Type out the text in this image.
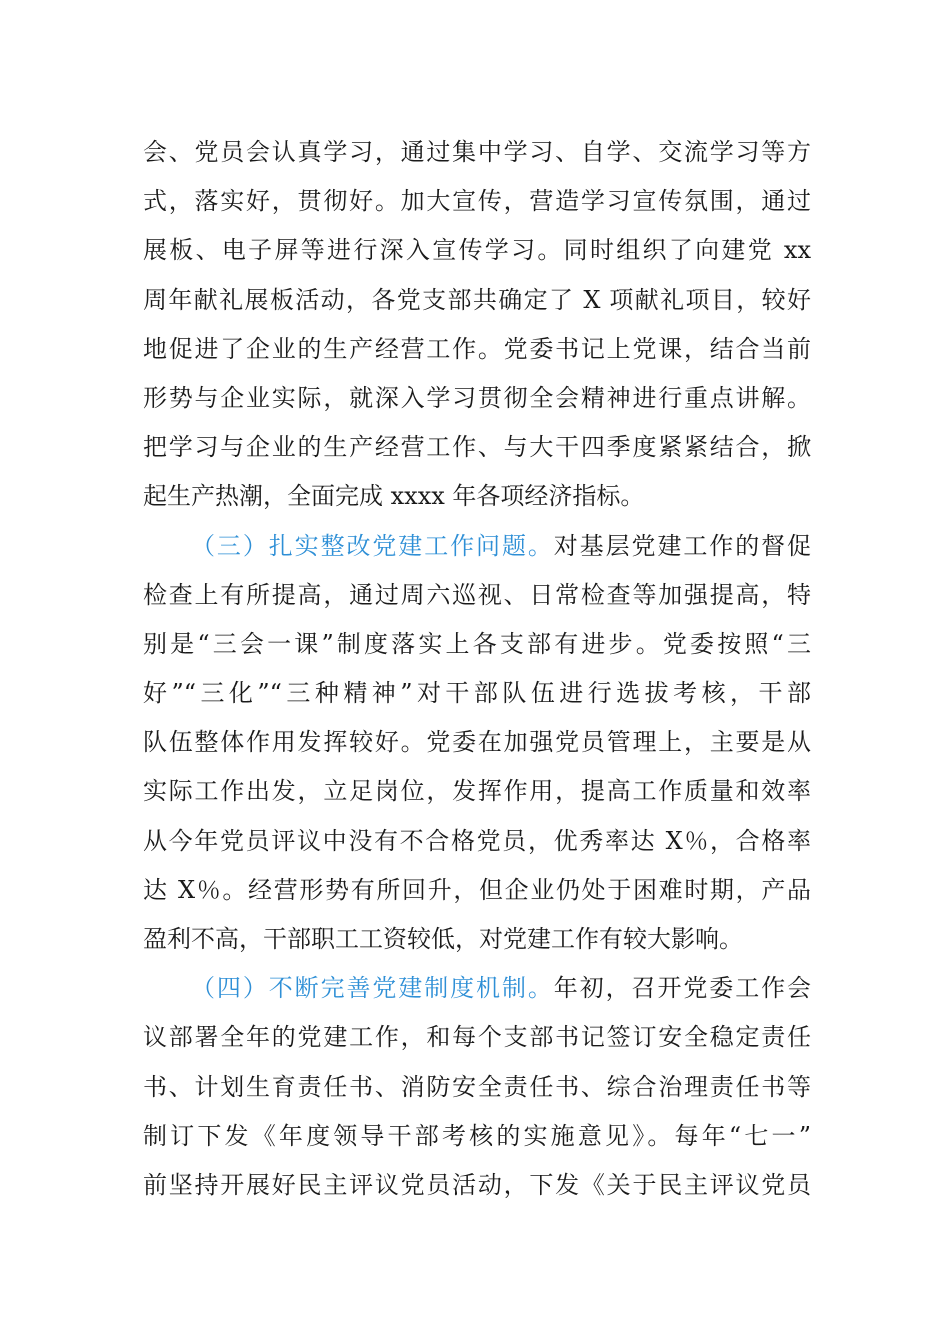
会、党员会认真学习，通过集中学习、自学、交流学习等方
式，落实好，贯彻好。加大宣传，营造学习宣传氛围，通过
展板、电子屏等进行深入宣传学习。同时组织了向建党 xx
周年献礼展板活动，各党支部共确定了 X 项献礼项目，较好
地促进了企业的生产经营工作。党委书记上党课，结合当前
形势与企业实际，就深入学习贯彻全会精神进行重点讲解。
把学习与企业的生产经营工作、与大干四季度紧紧结合，掀
起生产热潮，全面完成 xxxx 年各项经济指标。
（三）扎实整改党建工作问题。对基层党建工作的督促
检查上有所提高，通过周六巡视、日常检查等加强提高，特
别是“三会一课”制度落实上各支部有进步。党委按照“三
好”“三化”“三种精神”对干部队伍进行选拔考核，干部
队伍整体作用发挥较好。党委在加强党员管理上，主要是从
实际工作出发，立足岗位，发挥作用，提高工作质量和效率
从今年党员评议中没有不合格党员，优秀率达 X％，合格率
达 X％。经营形势有所回升，但企业仍处于困难时期，产品
盈利不高，干部职工工资较低，对党建工作有较大影响。
（四）不断完善党建制度机制。年初，召开党委工作会
议部署全年的党建工作，和每个支部书记签订安全稳定责任
书、计划生育责任书、消防安全责任书、综合治理责任书等
制订下发《年度领导干部考核的实施意见》。每年“七一”
前坚持开展好民主评议党员活动，下发《关于民主评议党员
